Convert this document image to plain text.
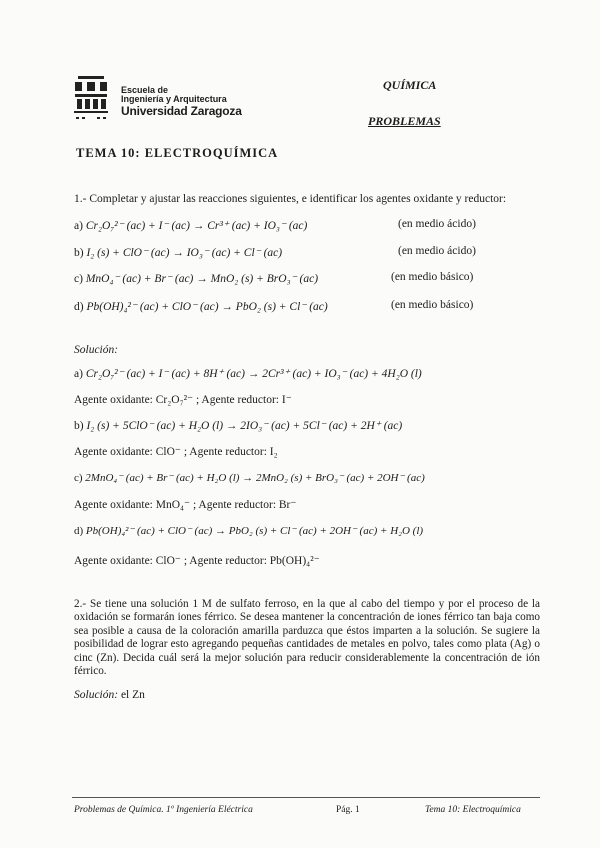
Escuela de
Ingeniería y Arquitectura
Universidad Zaragoza
QUÍMICA
PROBLEMAS
TEMA 10: ELECTROQUÍMICA
1.- Completar y ajustar las reacciones siguientes, e identificar los agentes oxidante y reductor:
a) Cr₂O₇²⁻ (ac) + I⁻ (ac) → Cr³⁺ (ac) + IO₃⁻ (ac)	(en medio ácido)
b) I₂ (s) + ClO⁻ (ac) → IO₃⁻ (ac) + Cl⁻ (ac)	(en medio ácido)
c) MnO₄⁻ (ac) + Br⁻ (ac) → MnO₂ (s) + BrO₃⁻ (ac)	(en medio básico)
d) Pb(OH)₄²⁻ (ac) + ClO⁻ (ac) → PbO₂ (s) + Cl⁻ (ac)	(en medio básico)
Solución:
a) Cr₂O₇²⁻ (ac) + I⁻ (ac) + 8H⁺ (ac) → 2Cr³⁺ (ac) + IO₃⁻ (ac) + 4H₂O (l)
Agente oxidante: Cr₂O₇²⁻ ; Agente reductor: I⁻
b) I₂ (s) + 5ClO⁻ (ac) + H₂O (l) → 2IO₃⁻ (ac) + 5Cl⁻ (ac) + 2H⁺ (ac)
Agente oxidante: ClO⁻ ; Agente reductor: I₂
c) 2MnO₄⁻ (ac) + Br⁻ (ac) + H₂O (l) → 2MnO₂ (s) + BrO₃⁻ (ac) + 2OH⁻ (ac)
Agente oxidante: MnO₄⁻ ; Agente reductor: Br⁻
d) Pb(OH)₄²⁻ (ac) + ClO⁻ (ac) → PbO₂ (s) + Cl⁻ (ac) + 2OH⁻ (ac) + H₂O (l)
Agente oxidante: ClO⁻ ; Agente reductor: Pb(OH)₄²⁻
2.- Se tiene una solución 1 M de sulfato ferroso, en la que al cabo del tiempo y por el proceso de la oxidación se formarán iones férrico. Se desea mantener la concentración de iones férrico tan baja como sea posible a causa de la coloración amarilla parduzca que éstos imparten a la solución. Se sugiere la posibilidad de lograr esto agregando pequeñas cantidades de metales en polvo, tales como plata (Ag) o cinc (Zn). Decida cuál será la mejor solución para reducir considerablemente la concentración de ión férrico.
Solución: el Zn
Problemas de Química. 1º Ingeniería Eléctrica	Pág. 1	Tema 10: Electroquímica
